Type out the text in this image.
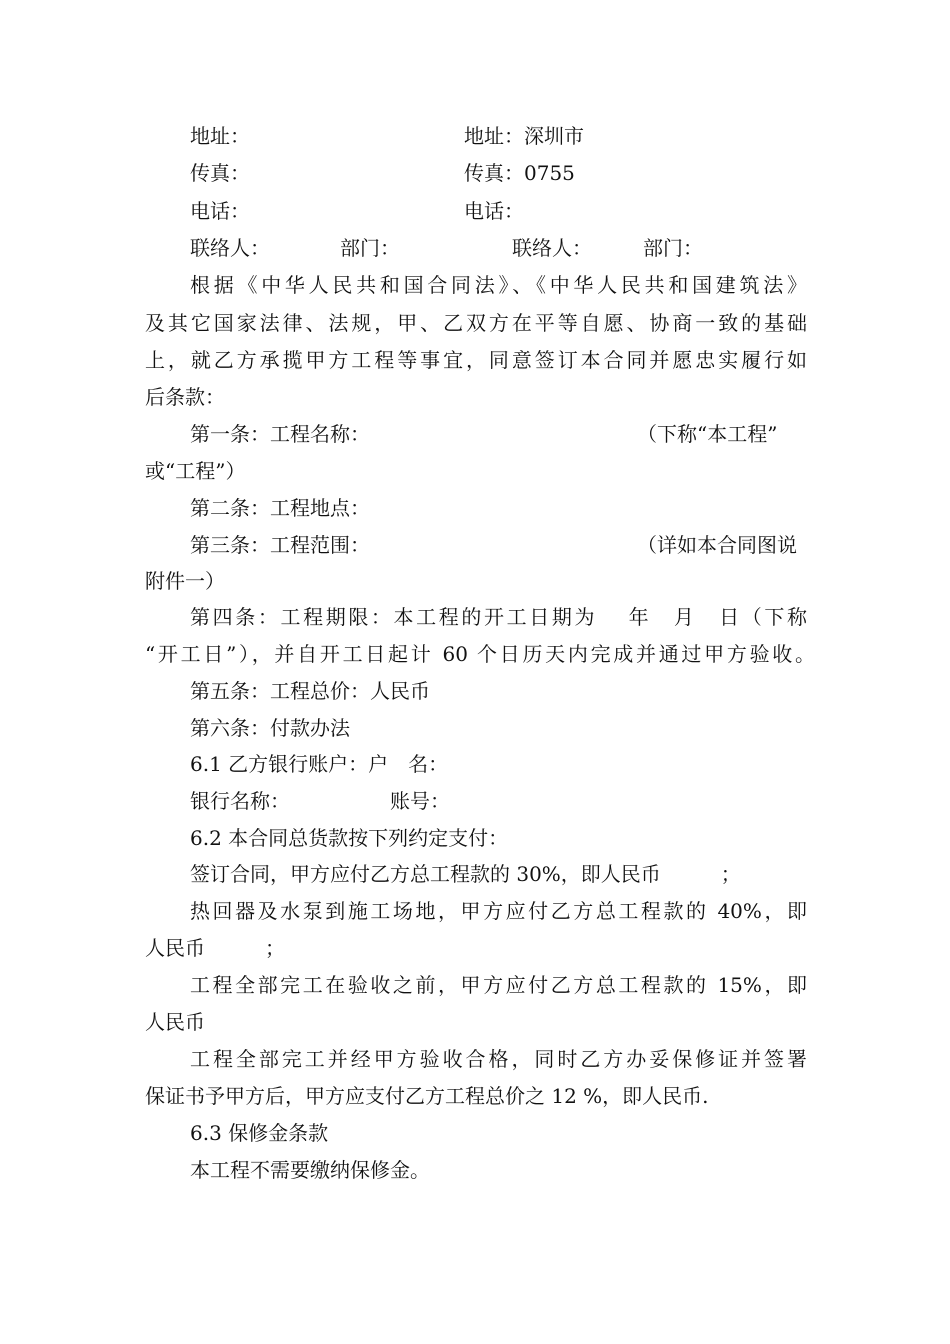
地址：	地址：深圳市
传真：	传真：0755
电话：	电话：
联络人：	部门：	联络人：	部门：
根据《中华人民共和国合同法》、《中华人民共和国建筑法》
及其它国家法律、法规，甲、乙双方在平等自愿、协商一致的基础
上，就乙方承揽甲方工程等事宜，同意签订本合同并愿忠实履行如
后条款：
第一条：工程名称：	（下称“本工程”
或“工程”）
第二条：工程地点：
第三条：工程范围：	（详如本合同图说
附件一）
第四条：工程期限：本工程的开工日期为　 年　月　日（下称
“开工日”），并自开工日起计 60 个日历天内完成并通过甲方验收。
第五条：工程总价：人民币
第六条：付款办法
6.1 乙方银行账户：户　名：
银行名称：	账号：
6.2 本合同总货款按下列约定支付：
签订合同，甲方应付乙方总工程款的 30%，即人民币　　　；
热回器及水泵到施工场地，甲方应付乙方总工程款的 40%，即
人民币　　　；
工程全部完工在验收之前，甲方应付乙方总工程款的 15%，即
人民币
工程全部完工并经甲方验收合格，同时乙方办妥保修证并签署
保证书予甲方后，甲方应支付乙方工程总价之 12 %，即人民币.
6.3 保修金条款
本工程不需要缴纳保修金。
